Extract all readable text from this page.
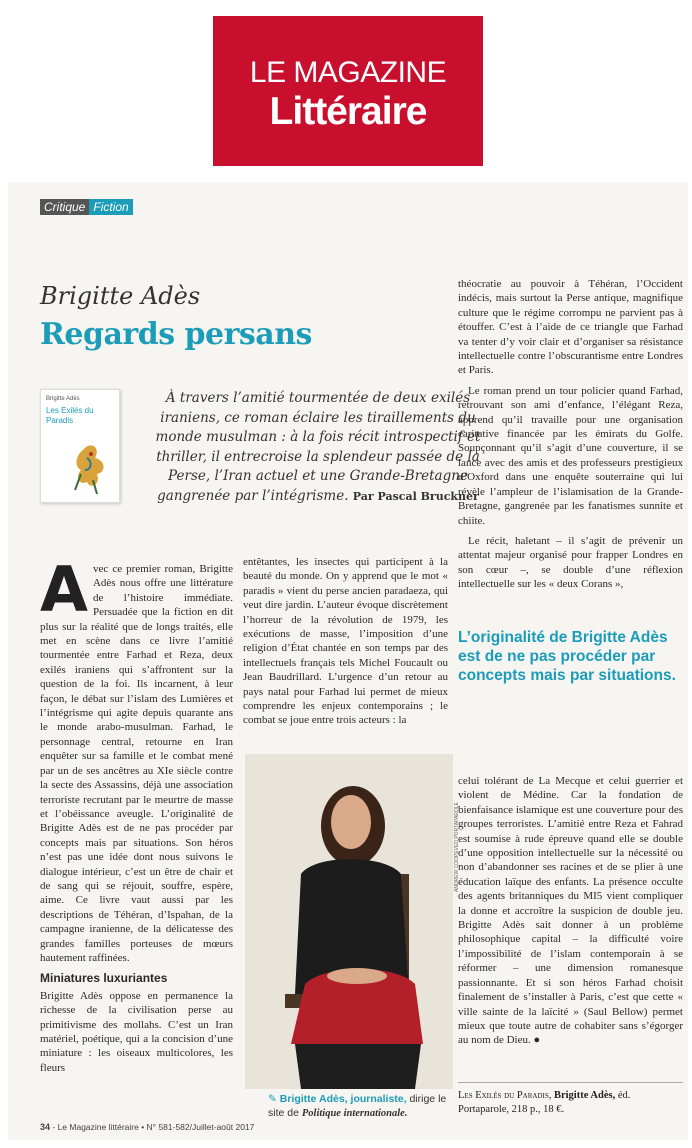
LE MAGAZINE
Littéraire
Critique Fiction
Brigitte Adès
Regards persans
Brigitte Adès
Les Exilés du Paradis
À travers l’amitié tourmentée de deux exilés iraniens, ce roman éclaire les tiraillements du monde musulman : à la fois récit introspectif et thriller, il entrecroise la splendeur passée de la Perse, l’Iran actuel et une Grande-Bretagne gangrenée par l’intégrisme. Par Pascal Bruckner

Avec ce premier roman, Brigitte Adès nous offre une littérature de l’histoire immédiate. Persuadée que la fiction en dit plus sur la réalité que de longs traités, elle met en scène dans ce livre l’amitié tourmentée entre Farhad et Reza, deux exilés iraniens qui s’affrontent sur la question de la foi. Ils incarnent, à leur façon, le débat sur l’islam des Lumières et l’intégrisme qui agite depuis quarante ans le monde arabo-musulman. Farhad, le personnage central, retourne en Iran enquêter sur sa famille et le combat mené par un de ses ancêtres au XIe siècle contre la secte des Assassins, déjà une association terroriste recrutant par le meurtre de masse et l’obéissance aveugle. L’originalité de Brigitte Adès est de ne pas procéder par concepts mais par situations. Son héros n’est pas une idée dont nous suivons le dialogue intérieur, c’est un être de chair et de sang qui se réjouit, souffre, espère, aime. Ce livre vaut aussi par les descriptions de Téhéran, d’Ispahan, de la campagne iranienne, de la délicatesse des grandes familles porteuses de mœurs hautement raffinées.

Miniatures luxuriantes

Brigitte Adès oppose en permanence la richesse de la civilisation perse au primitivisme des mollahs. C’est un Iran matériel, poétique, qui a la concision d’une miniature : les oiseaux multicolores, les fleurs

entêtantes, les insectes qui participent à la beauté du monde. On y apprend que le mot « paradis » vient du perse ancien paradaeza, qui veut dire jardin. L’auteur évoque discrètement l’horreur de la révolution de 1979, les exécutions de masse, l’imposition d’une religion d’État chantée en son temps par des intellectuels français tels Michel Foucault ou Jean Baudrillard. L’urgence d’un retour au pays natal pour Farhad lui permet de mieux comprendre les enjeux contemporains ; le combat se joue entre trois acteurs : la

ANDREW COOPEVED PORTAPAROLE
✎ Brigitte Adès, journaliste, dirige le site de Politique internationale.

théocratie au pouvoir à Téhéran, l’Occident indécis, mais surtout la Perse antique, magnifique culture que le régime corrompu ne parvient pas à étouffer. C’est à l’aide de ce triangle que Farhad va tenter d’y voir clair et d’organiser sa résistance intellectuelle contre l’obscurantisme entre Londres et Paris.

Le roman prend un tour policier quand Farhad, retrouvant son ami d’enfance, l’élégant Reza, apprend qu’il travaille pour une organisation caritative financée par les émirats du Golfe. Soupçonnant qu’il s’agit d’une couverture, il se lance avec des amis et des professeurs prestigieux d’Oxford dans une enquête souterraine qui lui révèle l’ampleur de l’islamisation de la Grande-Bretagne, gangrenée par les fanatismes sunnite et chiite.

Le récit, haletant – il s’agit de prévenir un attentat majeur organisé pour frapper Londres en son cœur –, se double d’une réflexion intellectuelle sur les « deux Corans »,

L’originalité de Brigitte Adès est de ne pas procéder par concepts mais par situations.

celui tolérant de La Mecque et celui guerrier et violent de Médine. Car la fondation de bienfaisance islamique est une couverture pour des groupes terroristes. L’amitié entre Reza et Fahrad est soumise à rude épreuve quand elle se double d’une opposition intellectuelle sur la nécessité ou non d’abandonner ses racines et de se plier à une éducation laïque des enfants. La présence occulte des agents britanniques du MI5 vient compliquer la donne et accroître la suspicion de double jeu. Brigitte Adès sait donner à un problème philosophique capital – la difficulté voire l’impossibilité de l’islam contemporain à se réformer – une dimension romanesque passionnante. Et si son héros Farhad choisit finalement de s’installer à Paris, c’est que cette « ville sainte de la laïcité » (Saul Bellow) permet mieux que toute autre de cohabiter sans s’égorger au nom de Dieu. ●

Les Exilés du Paradis, Brigitte Adès, éd. Portaparole, 218 p., 18 €.
34 - Le Magazine littéraire • N° 581-582/Juillet-août 2017
